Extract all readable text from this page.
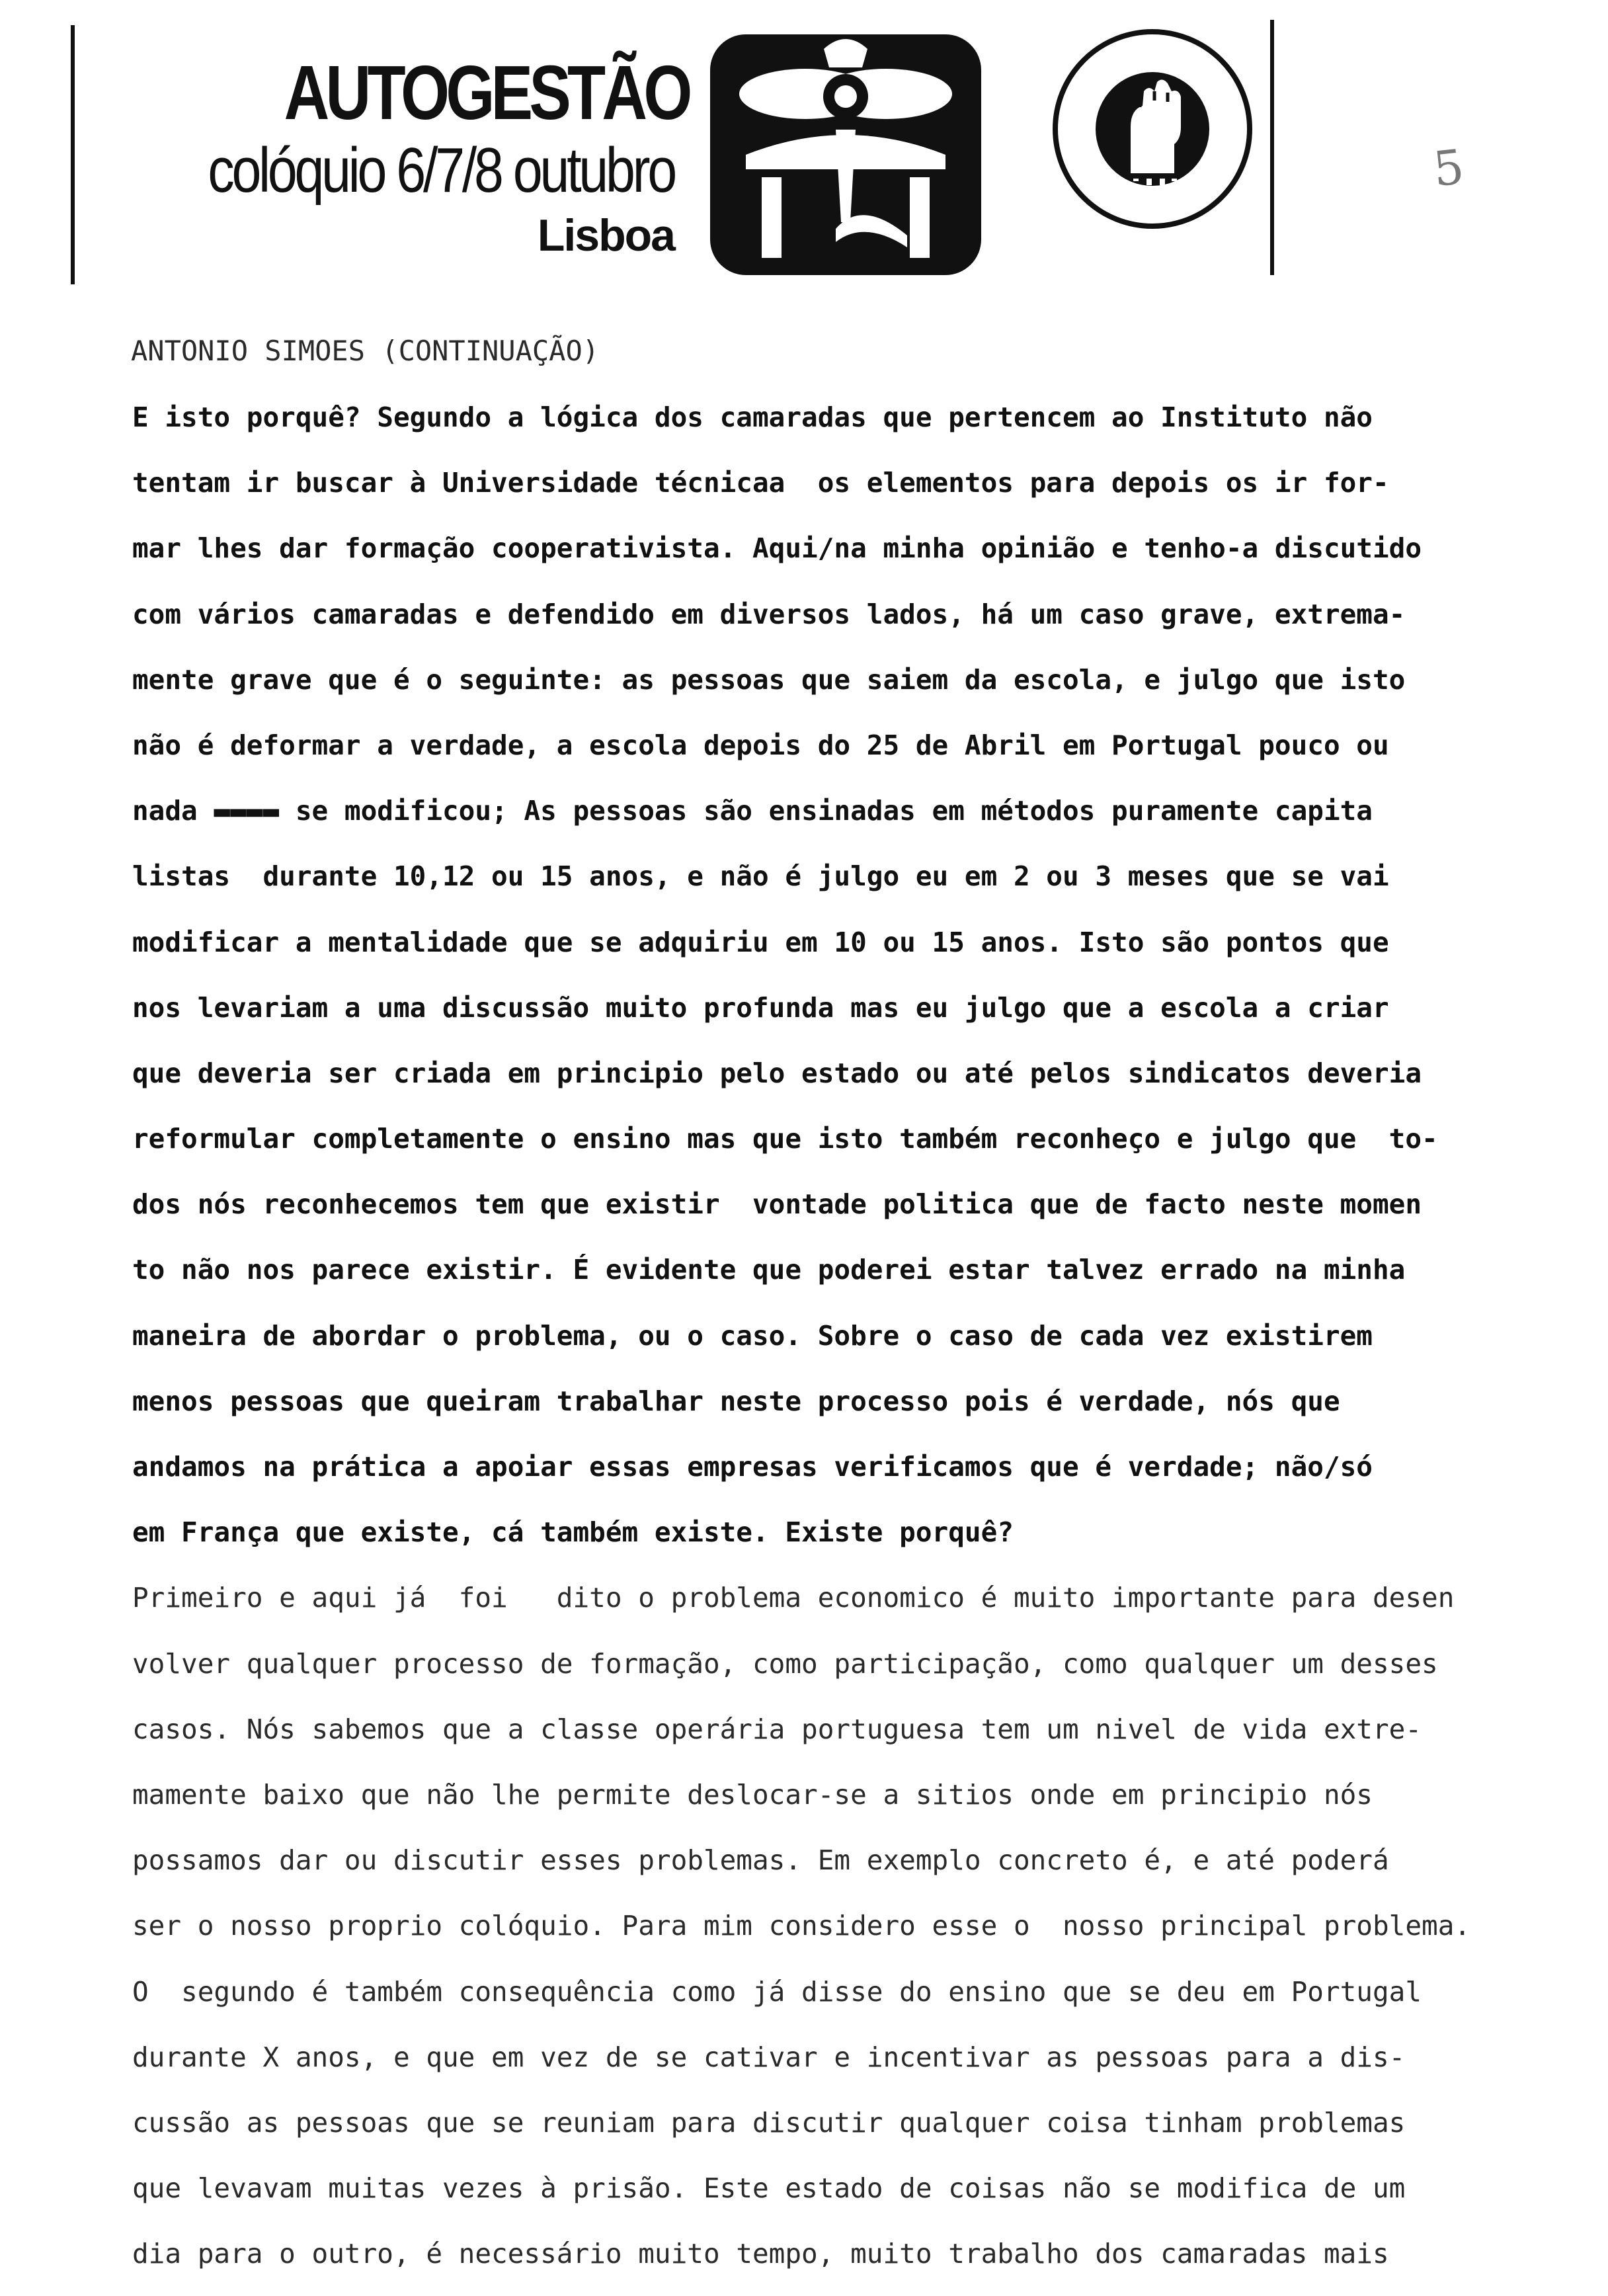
AUTOGESTÃO
colóquio 6/7/8 outubro
Lisboa
5
ANTONIO SIMOES (CONTINUAÇÃO)
E isto porquê? Segundo a lógica dos camaradas que pertencem ao Instituto não
tentam ir buscar à Universidade técnicaa  os elementos para depois os ir for-
mar lhes dar formação cooperativista. Aqui/na minha opinião e tenho-a discutido
com vários camaradas e defendido em diversos lados, há um caso grave, extrema-
mente grave que é o seguinte: as pessoas que saiem da escola, e julgo que isto
não é deformar a verdade, a escola depois do 25 de Abril em Portugal pouco ou
nada ▬▬▬▬ se modificou; As pessoas são ensinadas em métodos puramente capita
listas  durante 10,12 ou 15 anos, e não é julgo eu em 2 ou 3 meses que se vai
modificar a mentalidade que se adquiriu em 10 ou 15 anos. Isto são pontos que
nos levariam a uma discussão muito profunda mas eu julgo que a escola a criar
que deveria ser criada em principio pelo estado ou até pelos sindicatos deveria
reformular completamente o ensino mas que isto também reconheço e julgo que  to-
dos nós reconhecemos tem que existir  vontade politica que de facto neste momen
to não nos parece existir. É evidente que poderei estar talvez errado na minha
maneira de abordar o problema, ou o caso. Sobre o caso de cada vez existirem
menos pessoas que queiram trabalhar neste processo pois é verdade, nós que
andamos na prática a apoiar essas empresas verificamos que é verdade; não/só
em França que existe, cá também existe. Existe porquê?
Primeiro e aqui já  foi   dito o problema economico é muito importante para desen
volver qualquer processo de formação, como participação, como qualquer um desses
casos. Nós sabemos que a classe operária portuguesa tem um nivel de vida extre-
mamente baixo que não lhe permite deslocar-se a sitios onde em principio nós
possamos dar ou discutir esses problemas. Em exemplo concreto é, e até poderá
ser o nosso proprio colóquio. Para mim considero esse o  nosso principal problema.
O  segundo é também consequência como já disse do ensino que se deu em Portugal
durante X anos, e que em vez de se cativar e incentivar as pessoas para a dis-
cussão as pessoas que se reuniam para discutir qualquer coisa tinham problemas
que levavam muitas vezes à prisão. Este estado de coisas não se modifica de um
dia para o outro, é necessário muito tempo, muito trabalho dos camaradas mais
